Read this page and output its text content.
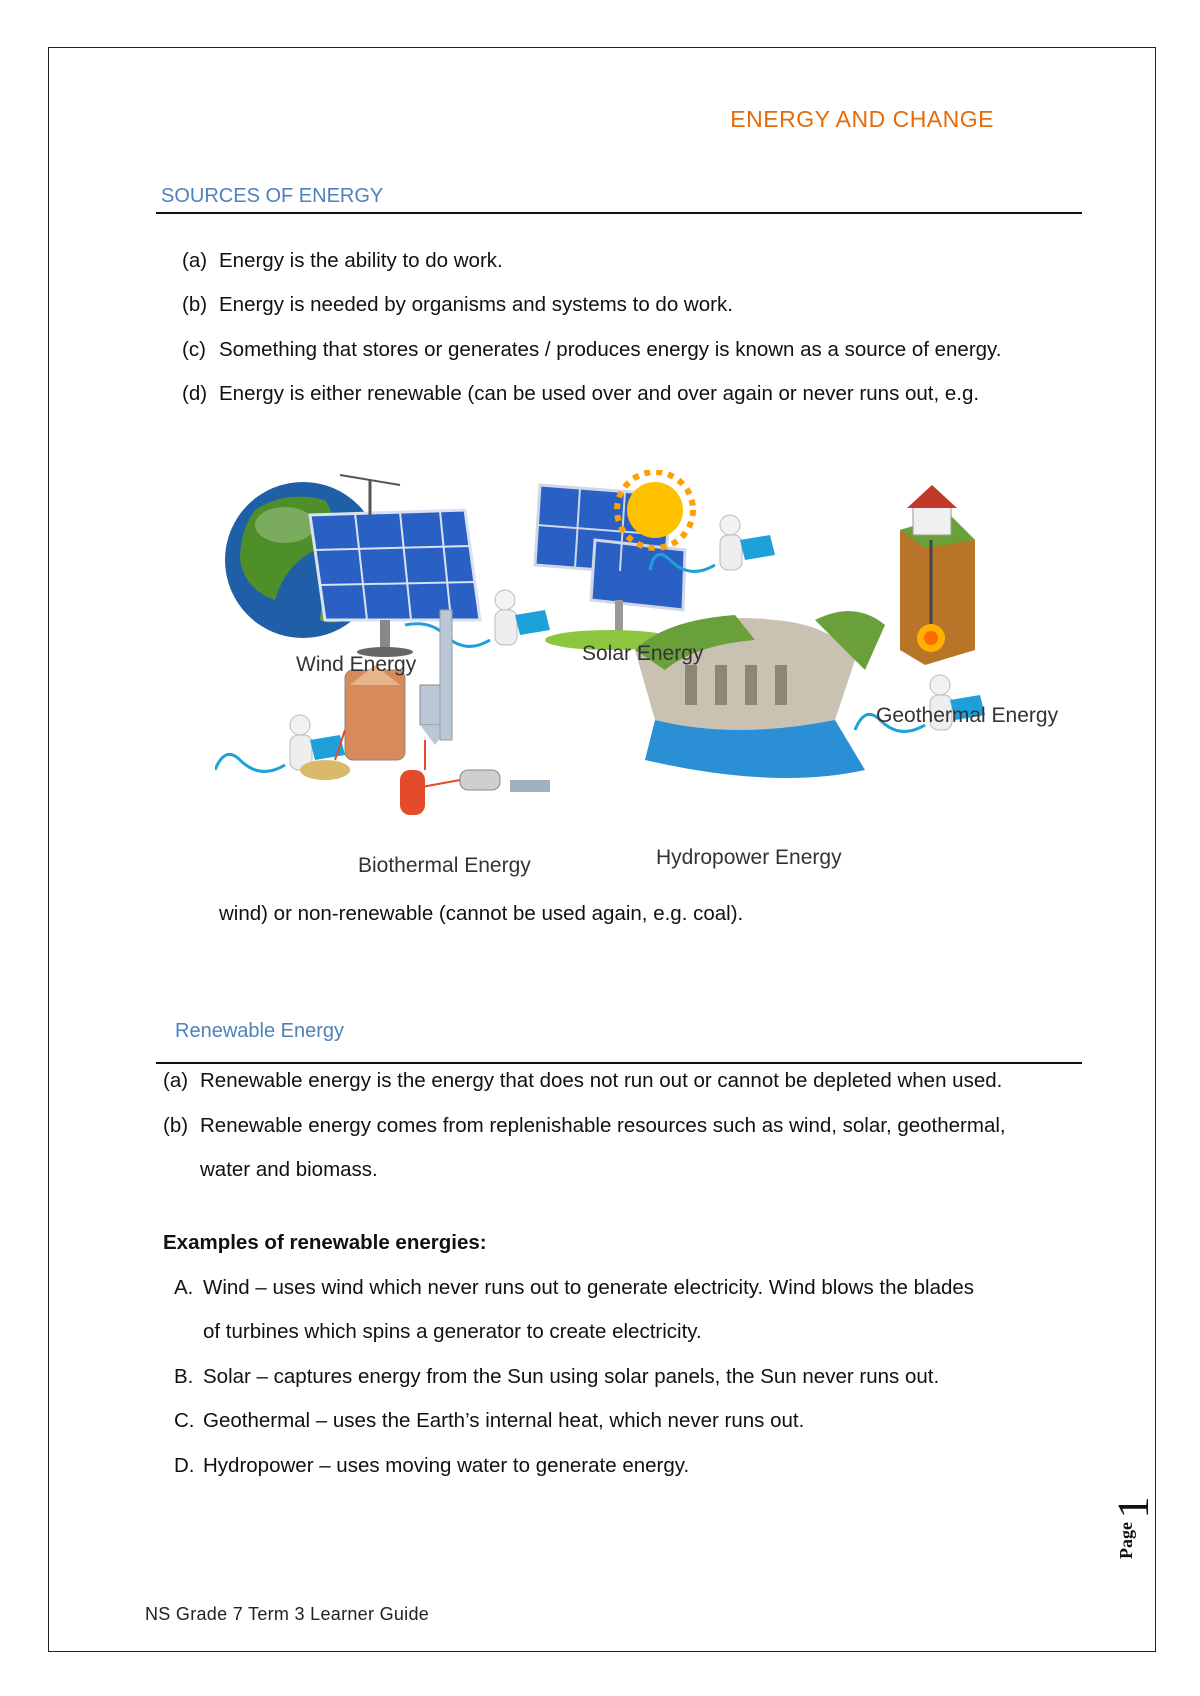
ENERGY AND CHANGE
SOURCES OF ENERGY
(a) Energy is the ability to do work.
(b) Energy is needed by organisms and systems to do work.
(c) Something that stores or generates / produces energy is known as a source of energy.
(d) Energy is either renewable (can be used over and over again or never runs out, e.g.
Wind Energy	Solar Energy
Geothermal Energy
Biothermal Energy	Hydropower Energy
wind) or non-renewable (cannot be used again, e.g. coal).
Renewable Energy
(a) Renewable energy is the energy that does not run out or cannot be depleted when used.
(b) Renewable energy comes from replenishable resources such as wind, solar, geothermal,
water and biomass.
Examples of renewable energies:
A. Wind – uses wind which never runs out to generate electricity. Wind blows the blades
of turbines which spins a generator to create electricity.
B. Solar – captures energy from the Sun using solar panels, the Sun never runs out.
C. Geothermal – uses the Earth’s internal heat, which never runs out.
D. Hydropower – uses moving water to generate energy.
Page
1
NS Grade 7 Term 3 Learner Guide
